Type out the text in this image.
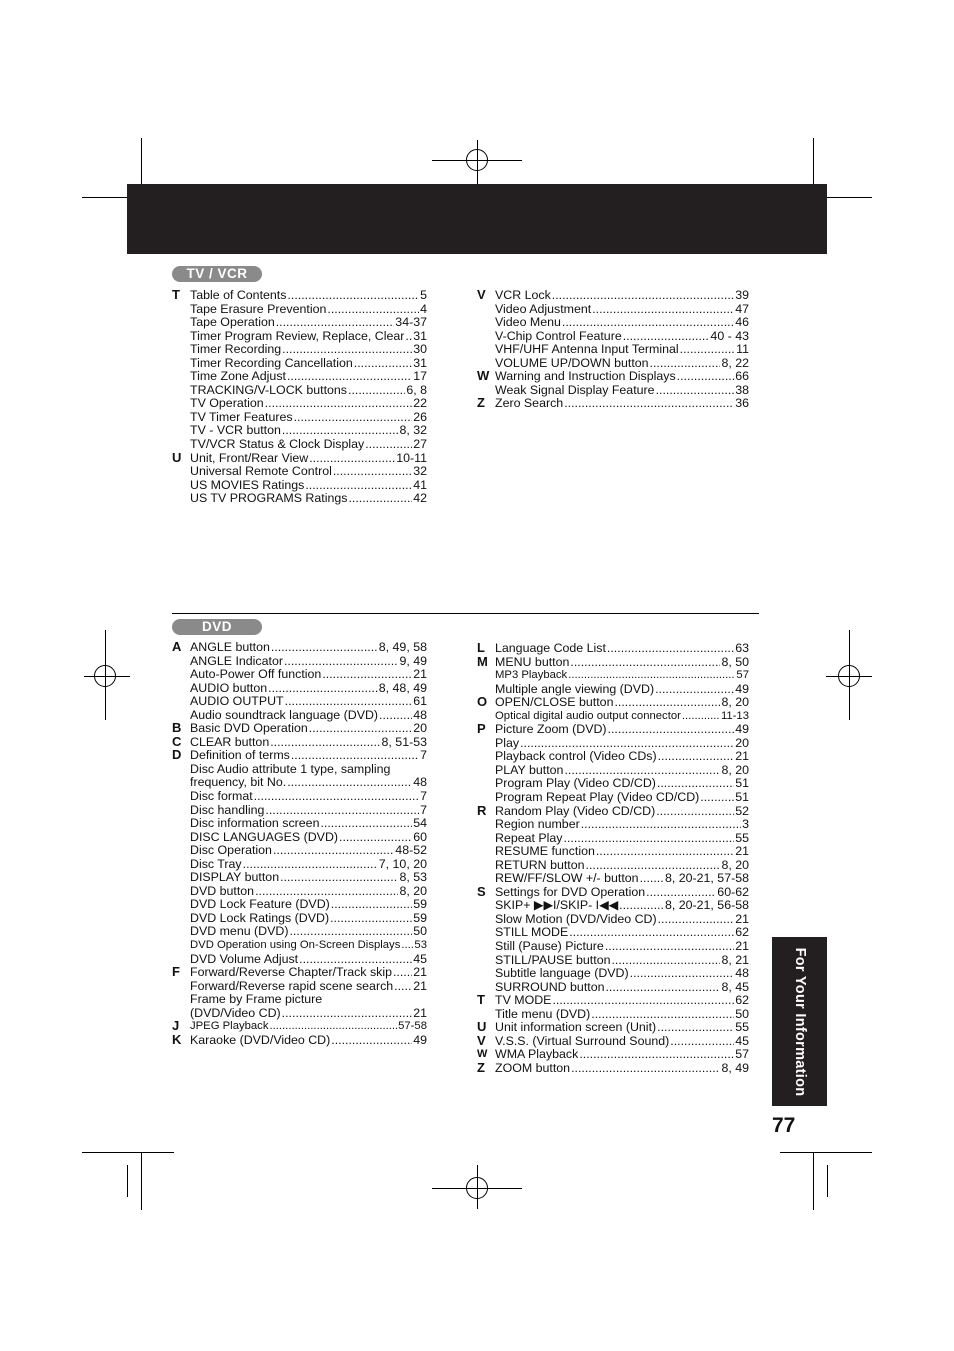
TV / VCR
T Table of Contents .....	5
Tape Erasure Prevention .....	4
Tape Operation .....	34-37
Timer Program Review, Replace, Clear ..... 31
Timer Recording .....	30
Timer Recording Cancellation .....	31
Time Zone Adjust .....	17
TRACKING/V-LOCK buttons .....	6, 8
TV Operation .....	22
TV Timer Features .....	26
TV - VCR button .....	8, 32
TV/VCR Status & Clock Display .....	27
U Unit, Front/Rear View .....	10-11
Universal Remote Control .....	32
US MOVIES Ratings .....	41
US TV PROGRAMS Ratings .....	42
V VCR Lock .....	39
Video Adjustment .....	47
Video Menu .....	46
V-Chip Control Feature .....	40 - 43
VHF/UHF Antenna Input Terminal .....	11
VOLUME UP/DOWN button .....	8, 22
W Warning and Instruction Displays .....	66
Weak Signal Display Feature .....	38
Z Zero Search .....	36
DVD
A ANGLE button .....	8, 49, 58
ANGLE Indicator .....	9, 49
Auto-Power Off function .....	21
AUDIO button .....	8, 48, 49
AUDIO OUTPUT .....	61
Audio soundtrack language (DVD) .....	48
B Basic DVD Operation .....	20
C CLEAR button .....	8, 51-53
D Definition of terms .....	7
Disc Audio attribute 1 type, sampling
frequency, bit No. .....	48
Disc format .....	7
Disc handling .....	7
Disc information screen .....	54
DISC LANGUAGES (DVD) .....	60
Disc Operation .....	48-52
Disc Tray .....	7, 10, 20
DISPLAY button .....	8, 53
DVD button .....	8, 20
DVD Lock Feature (DVD) .....	59
DVD Lock Ratings (DVD) .....	59
DVD menu (DVD) .....	50
DVD Operation using On-Screen Displays ..... 53
DVD Volume Adjust .....	45
F Forward/Reverse Chapter/Track skip ..... 21
Forward/Reverse rapid scene search ..... 21
Frame by Frame picture
(DVD/Video CD) .....	21
J JPEG Playback .....	57-58
K Karaoke (DVD/Video CD) .....	49
L Language Code List .....	63
M MENU button .....	8, 50
MP3 Playback .....	57
Multiple angle viewing (DVD) .....	49
O OPEN/CLOSE button .....	8, 20
Optical digital audio output connector .....	11-13
P Picture Zoom (DVD) .....	49
Play .....	20
Playback control (Video CDs) .....	21
PLAY button .....	8, 20
Program Play (Video CD/CD) .....	51
Program Repeat Play (Video CD/CD) .....	51
R Random Play (Video CD/CD) .....	52
Region number .....	3
Repeat Play .....	55
RESUME function .....	21
RETURN button .....	8, 20
REW/FF/SLOW +/- button ..... 8, 20-21, 57-58
S Settings for DVD Operation .....	60-62
SKIP+ ▶▶I/SKIP- I◀◀ .....	8, 20-21, 56-58
Slow Motion (DVD/Video CD) .....	21
STILL MODE .....	62
Still (Pause) Picture .....	21
STILL/PAUSE button .....	8, 21
Subtitle language (DVD) .....	48
SURROUND button .....	8, 45
T TV MODE .....	62
Title menu (DVD) .....	50
U Unit information screen (Unit) .....	55
V V.S.S. (Virtual Surround Sound) .....	45
W WMA Playback .....	57
Z ZOOM button .....	8, 49	For Your Information
77
